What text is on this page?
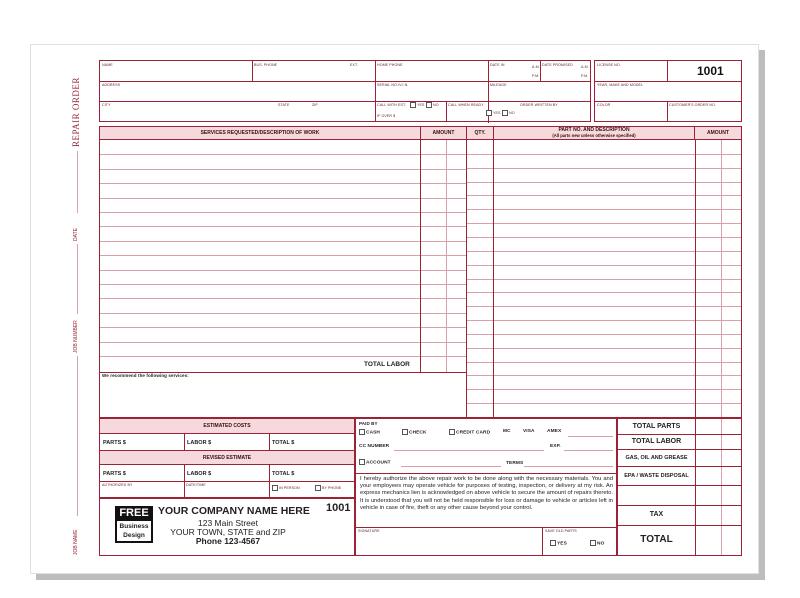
REPAIR ORDER
DATE
JOB NUMBER
JOB NAME
NAME	BUS. PHONE	EXT.	HOME PHONE	DATE IN	A.M.
P.M.
DATE PROMISED A.M.
P.M.
ADDRESS	SERIAL NO./V.I.N.	MILEAGE
CITY	STATE	ZIP	CALL WITH EST.	YES	NO
IF OVER $
CALL WHEN READY
YES	NO
ORDER WRITTEN BY
LICENSE NO.	1001
YEAR, MAKE AND MODEL
COLOR	CUSTOMER'S ORDER NO.
SERVICES REQUESTED/DESCRIPTION OF WORK	AMOUNT	QTY.	PART NO. AND DESCRIPTION
(All parts new unless otherwise specified)	AMOUNT
TOTAL LABOR
We recommend the following services:
ESTIMATED COSTS
PARTS $	LABOR $	TOTAL $
REVISED ESTIMATE
PARTS $	LABOR $	TOTAL $
AUTHORIZED BY	DATE/TIME
IN PERSON	BY PHONE
FREE
Business
Design
YOUR COMPANY NAME HERE 1001
123 Main Street
YOUR TOWN, STATE and ZIP
Phone 123-4567
PAID BY
CASH	CHECK	CREDIT CARD	MC	VISA	AMEX
CC NUMBER	EXP.
ACCOUNT	TERMS
I hereby authorize the above repair work to be done along with the necessary materials. You and your employees may operate vehicle for purposes of testing, inspection, or delivery at my risk. An express mechanics lien is acknowledged on above vehicle to secure the amount of repairs thereto. It is understood that you will not be held responsible for loss or damage to vehicle or articles left in vehicle in case of fire, theft or any other cause beyond your control.
SIGNATURE	SAVE OLD PARTS
YES	NO
TOTAL PARTS
TOTAL LABOR
GAS, OIL AND GREASE
EPA / WASTE DISPOSAL
TAX
TOTAL
